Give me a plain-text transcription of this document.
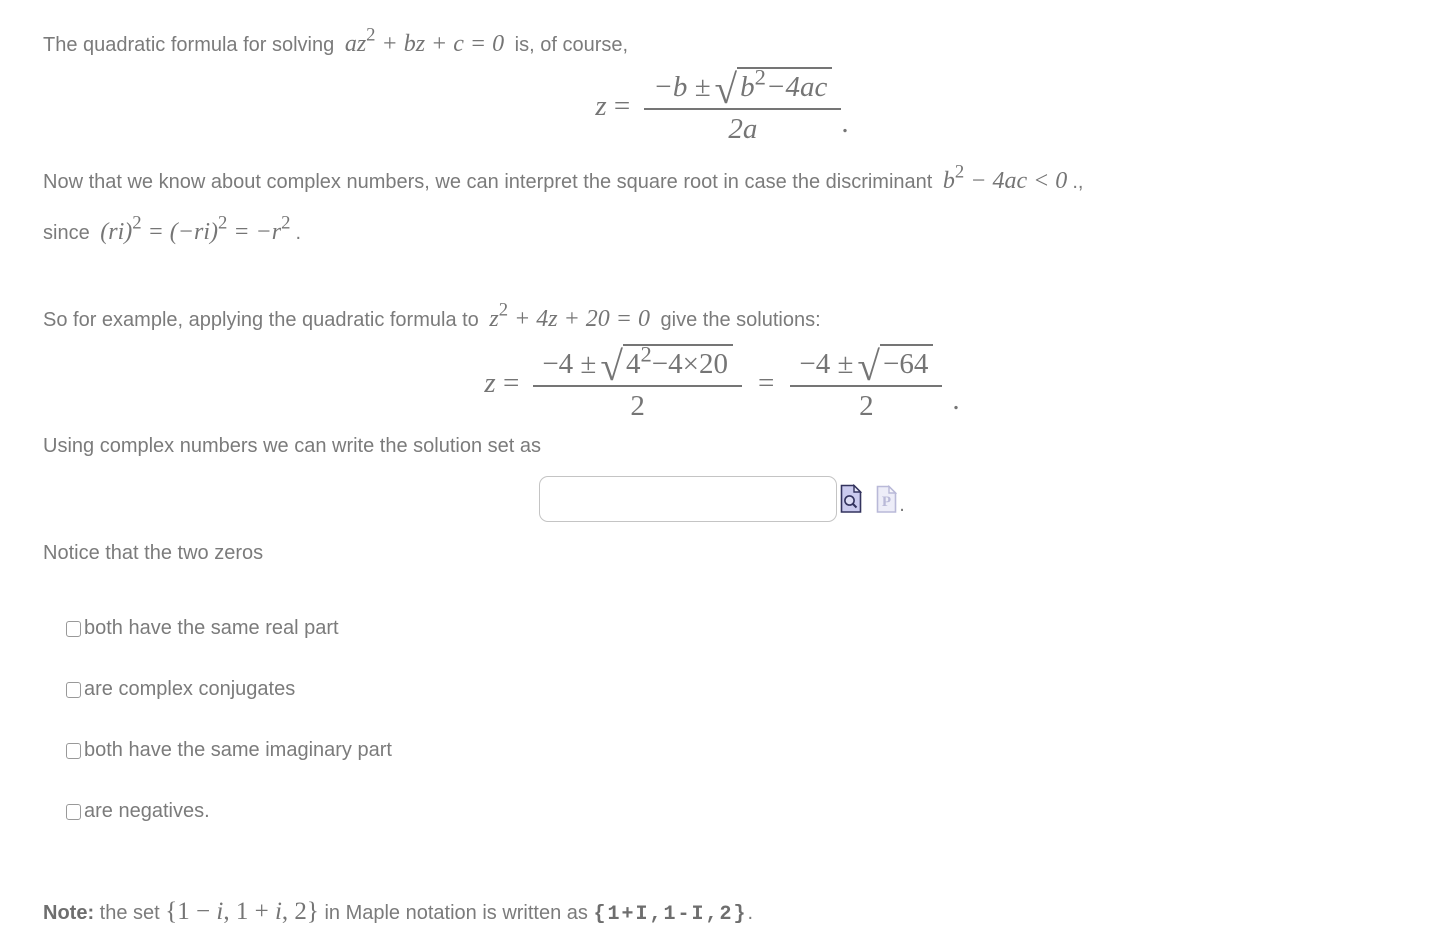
The quadratic formula for solving $az^2$ + bz + c = 0 is, of course,

$z = \frac{-b \pm √ b^2-4ac}{2a}$ .

Now that we know about complex numbers, we can interpret the square root in case the discriminant $b^2 - 4ac < 0$ .,
since $(ri)^2 = (-ri)^2 = -r^2$ .

So for example, applying the quadratic formula to $z^2 + 4z + 20 = 0$ give the solutions:

$z = \frac{-4 \pm √ 4^2-4\times 20}{2} = \frac{-4 \pm √ -64}{2}$ .

Using complex numbers we can write the solution set as

P .

Notice that the two zeros

both have the same real part
are complex conjugates
both have the same imaginary part
are negatives.

Note: the set {1 − i, 1 + i, 2} in Maple notation is written as {1+I,1-I,2}.
